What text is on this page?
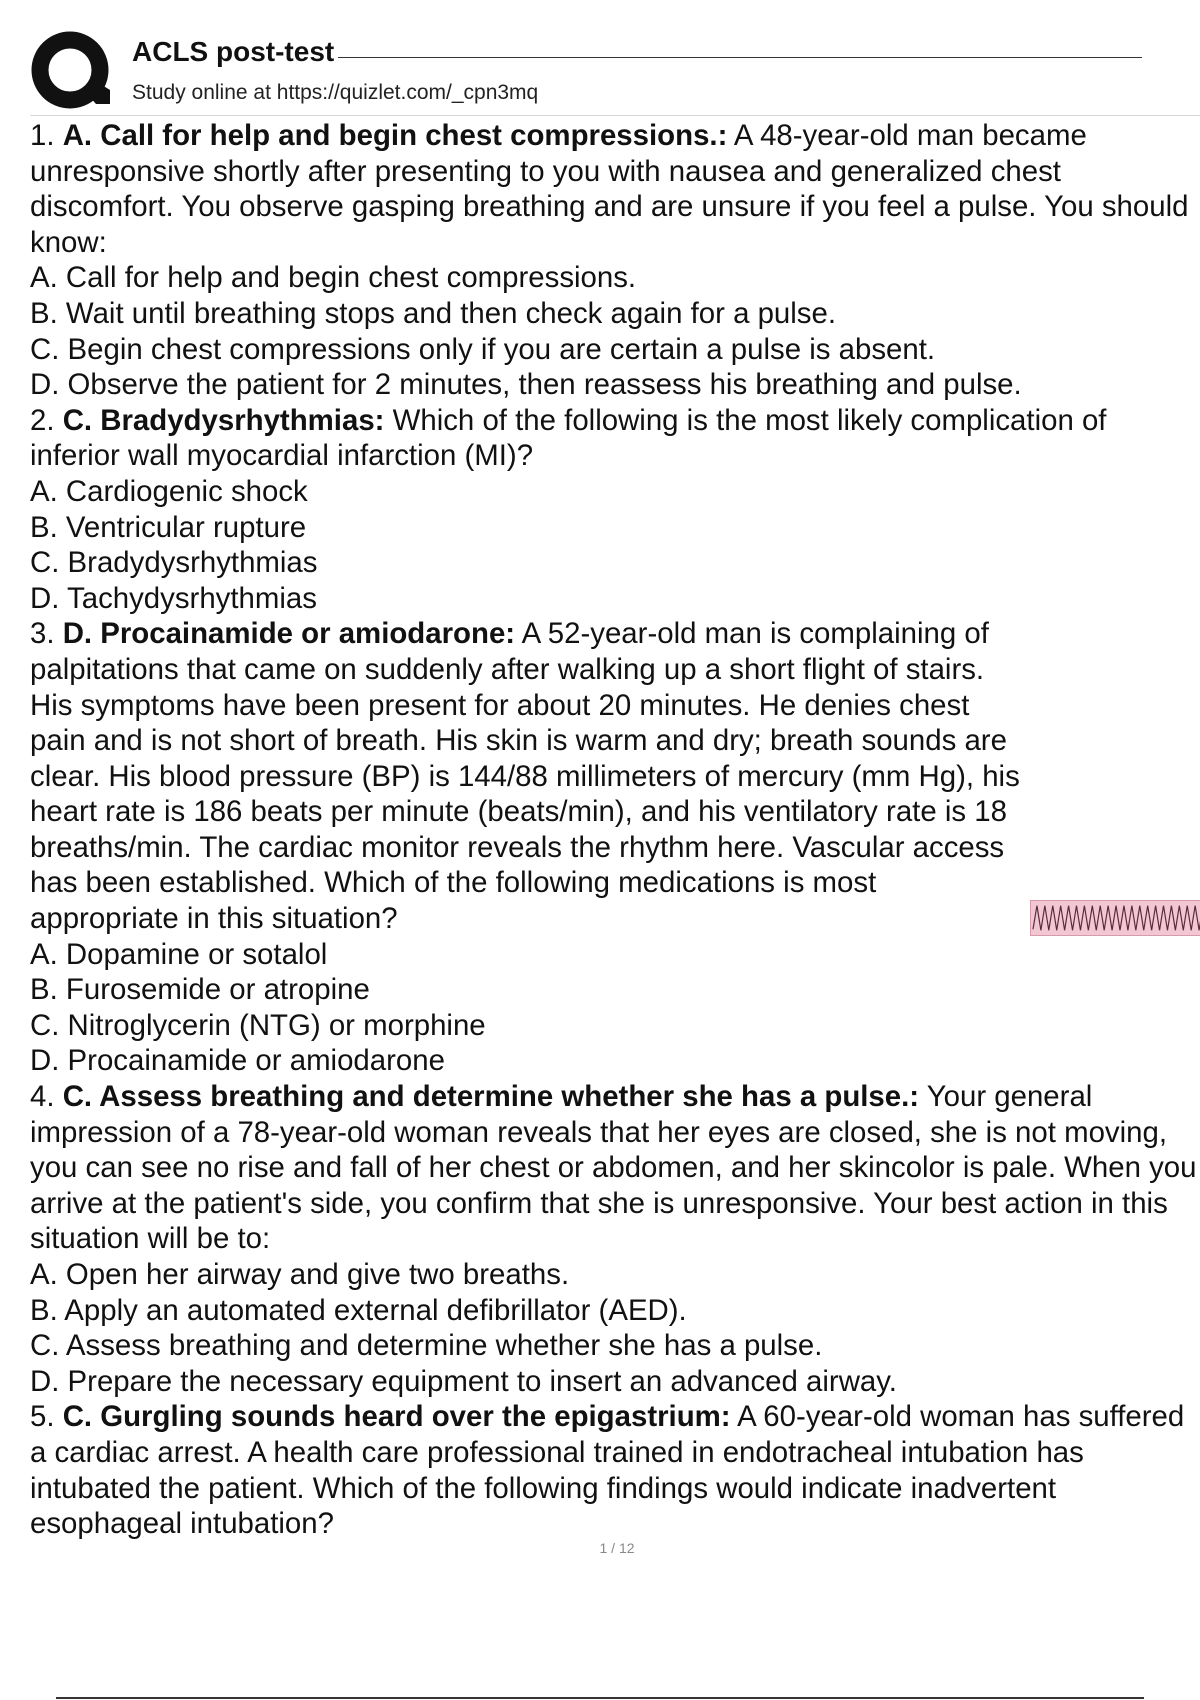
ACLS post-test
Study online at https://quizlet.com/_cpn3mq

1. A. Call for help and begin chest compressions.: A 48-year-old man became unresponsive shortly after presenting to you with nausea and generalized chest discomfort. You observe gasping breathing and are unsure if you feel a pulse. You should know:

A. Call for help and begin chest compressions.

B. Wait until breathing stops and then check again for a pulse.

C. Begin chest compressions only if you are certain a pulse is absent.

D. Observe the patient for 2 minutes, then reassess his breathing and pulse.

2. C. Bradydysrhythmias: Which of the following is the most likely complication of inferior wall myocardial infarction (MI)?

A. Cardiogenic shock

B. Ventricular rupture

C. Bradydysrhythmias

D. Tachydysrhythmias

3. D. Procainamide or amiodarone: A 52-year-old man is complaining of palpitations that came on suddenly after walking up a short flight of stairs. His symptoms have been present for about 20 minutes. He denies chest pain and is not short of breath. His skin is warm and dry; breath sounds are clear. His blood pressure (BP) is 144/88 millimeters of mercury (mm Hg), his heart rate is 186 beats per minute (beats/min), and his ventilatory rate is 18 breaths/min. The cardiac monitor reveals the rhythm here. Vascular access has been established. Which of the following medications is most appropriate in this situation?

A. Dopamine or sotalol

B. Furosemide or atropine

C. Nitroglycerin (NTG) or morphine

D. Procainamide or amiodarone

4. C. Assess breathing and determine whether she has a pulse.: Your general impression of a 78-year-old woman reveals that her eyes are closed, she is not moving, you can see no rise and fall of her chest or abdomen, and her skincolor is pale. When you arrive at the patient's side, you confirm that she is unresponsive. Your best action in this situation will be to:

A. Open her airway and give two breaths.

B. Apply an automated external defibrillator (AED).

C. Assess breathing and determine whether she has a pulse.

D. Prepare the necessary equipment to insert an advanced airway.

5. C. Gurgling sounds heard over the epigastrium: A 60-year-old woman has suffered a cardiac arrest. A health care professional trained in endotracheal intubation has intubated the patient. Which of the following findings would indicate inadvertent esophageal intubation?

1 / 12
